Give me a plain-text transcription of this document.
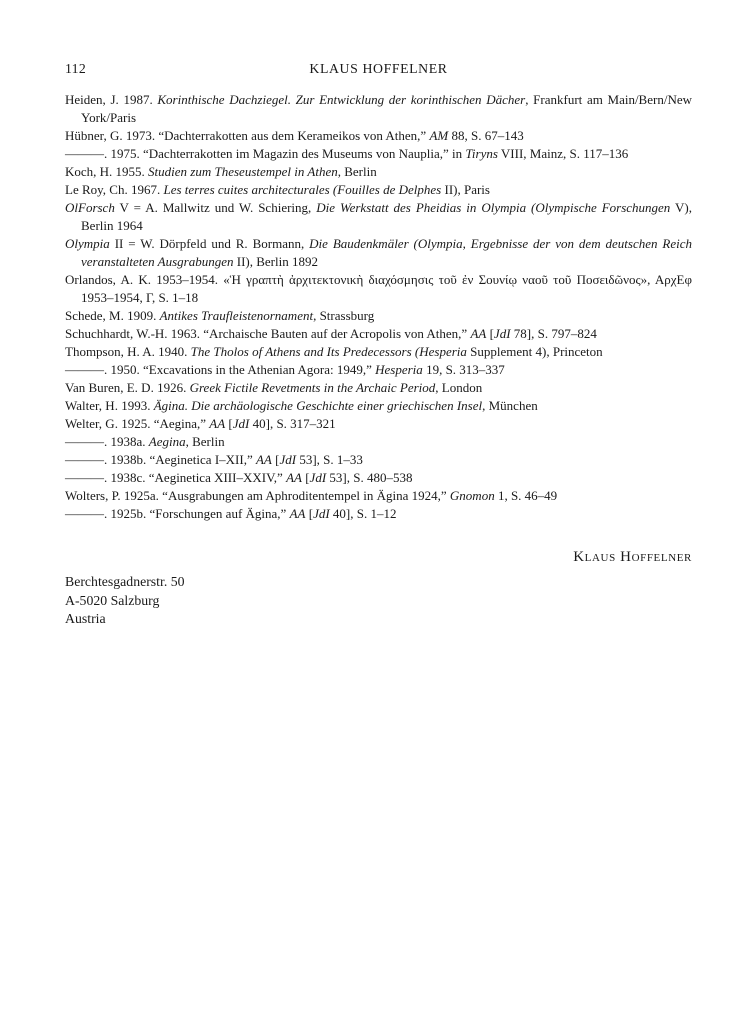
112	KLAUS HOFFELNER
Heiden, J. 1987. Korinthische Dachziegel. Zur Entwicklung der korinthischen Dächer, Frankfurt am Main/Bern/New York/Paris
Hübner, G. 1973. “Dachterrakotten aus dem Kerameikos von Athen,” AM 88, S. 67–143
———. 1975. “Dachterrakotten im Magazin des Museums von Nauplia,” in Tiryns VIII, Mainz, S. 117–136
Koch, H. 1955. Studien zum Theseustempel in Athen, Berlin
Le Roy, Ch. 1967. Les terres cuites architecturales (Fouilles de Delphes II), Paris
OlForsch V = A. Mallwitz und W. Schiering, Die Werkstatt des Pheidias in Olympia (Olympische Forschungen V), Berlin 1964
Olympia II = W. Dörpfeld und R. Bormann, Die Baudenkmäler (Olympia, Ergebnisse der von dem deutschen Reich veranstalteten Ausgrabungen II), Berlin 1892
Orlandos, A. K. 1953–1954. «Ἡ γραπτὴ ἀρχιτεκτονικὴ διαχόσμησις τοῦ ἐν Σουνίῳ ναοῦ τοῦ Ποσειδῶνος», ΑρχΕφ 1953–1954, Γ, S. 1–18
Schede, M. 1909. Antikes Traufleistenornament, Strassburg
Schuchhardt, W.-H. 1963. “Archaische Bauten auf der Acropolis von Athen,” AA [JdI 78], S. 797–824
Thompson, H. A. 1940. The Tholos of Athens and Its Predecessors (Hesperia Supplement 4), Princeton
———. 1950. “Excavations in the Athenian Agora: 1949,” Hesperia 19, S. 313–337
Van Buren, E. D. 1926. Greek Fictile Revetments in the Archaic Period, London
Walter, H. 1993. Ägina. Die archäologische Geschichte einer griechischen Insel, München
Welter, G. 1925. “Aegina,” AA [JdI 40], S. 317–321
———. 1938a. Aegina, Berlin
———. 1938b. “Aeginetica I–XII,” AA [JdI 53], S. 1–33
———. 1938c. “Aeginetica XIII–XXIV,” AA [JdI 53], S. 480–538
Wolters, P. 1925a. “Ausgrabungen am Aphroditentempel in Ägina 1924,” Gnomon 1, S. 46–49
———. 1925b. “Forschungen auf Ägina,” AA [JdI 40], S. 1–12
Klaus Hoffelner
Berchtesgadnerstr. 50
A-5020 Salzburg
Austria
